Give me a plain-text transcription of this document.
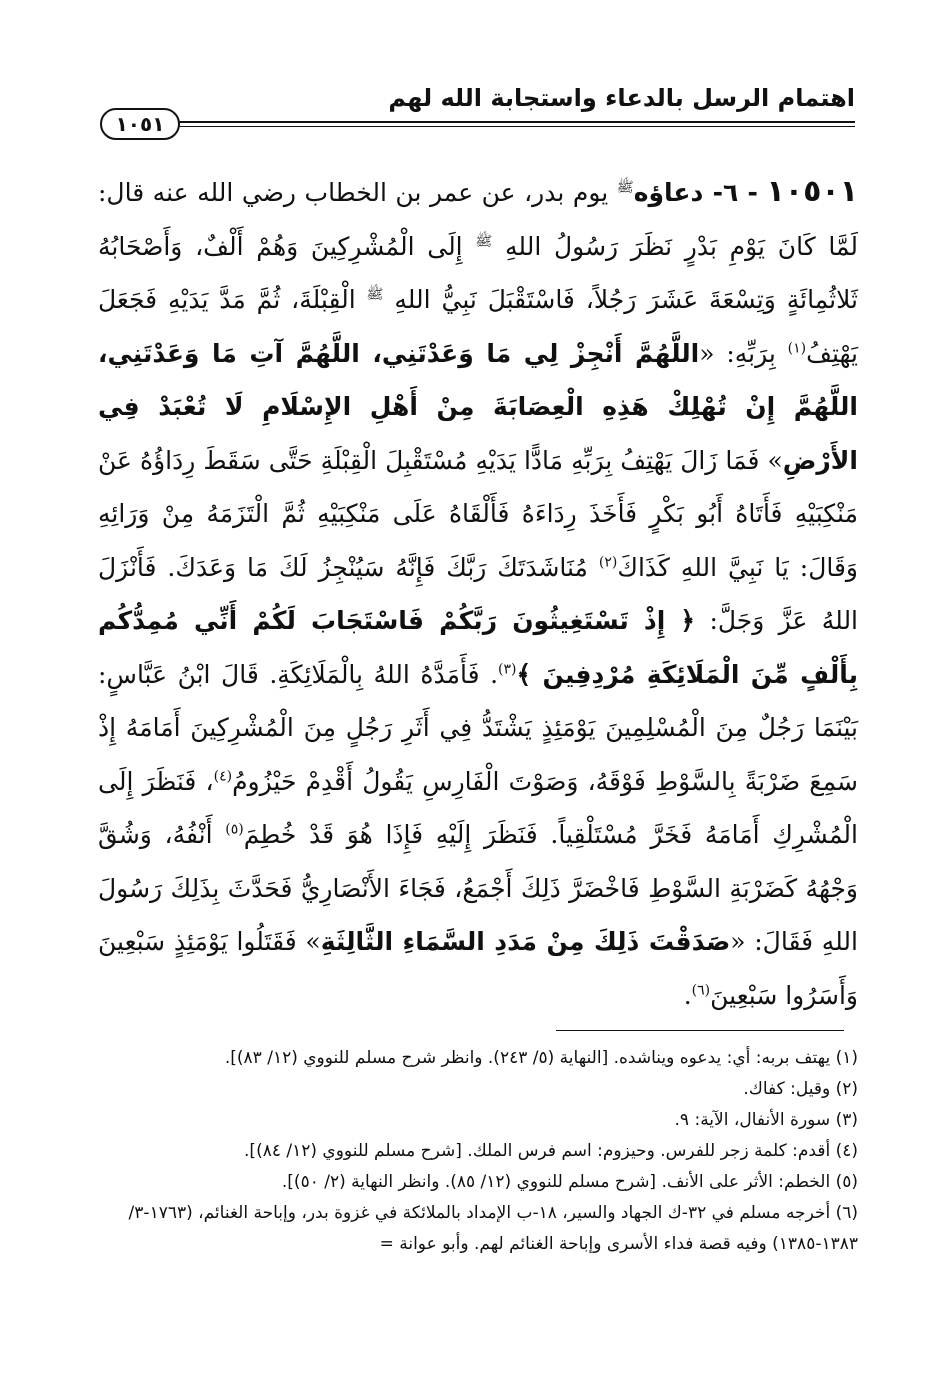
اهتمام الرسل بالدعاء واستجابة الله لهم
١٠٥١
١٠٥٠١ - ٦- دعاؤه$^ﷺ$ يوم بدر، عن عمر بن الخطاب رضي الله عنه قال: لَمَّا كَانَ يَوْمِ بَدْرٍ نَظَرَ رَسُولُ اللهِ $^ﷺ$ إِلَى الْمُشْرِكِينَ وَهُمْ أَلْفٌ، وَأَصْحَابُهُ ثَلاثُمِائَةٍ وَتِسْعَةَ عَشَرَ رَجُلاً، فَاسْتَقْبَلَ نَبِيُّ اللهِ $^ﷺ$ الْقِبْلَةَ، ثُمَّ مَدَّ يَدَيْهِ فَجَعَلَ يَهْتِفُ$^{(١)}$ بِرَبِّهِ: «اللَّهُمَّ أَنْجِزْ لِي مَا وَعَدْتَنِي، اللَّهُمَّ آتِ مَا وَعَدْتَنِي، اللَّهُمَّ إِنْ تُهْلِكْ هَذِهِ الْعِصَابَةَ مِنْ أَهْلِ الإِسْلَامِ لَا تُعْبَدْ فِي الأَرْضِ» فَمَا زَالَ يَهْتِفُ بِرَبِّهِ مَادًّا يَدَيْهِ مُسْتَقْبِلَ الْقِبْلَةِ حَتَّى سَقَطَ رِدَاؤُهُ عَنْ مَنْكِبَيْهِ فَأَتَاهُ أَبُو بَكْرٍ فَأَخَذَ رِدَاءَهُ فَأَلْقَاهُ عَلَى مَنْكِبَيْهِ ثُمَّ الْتَزَمَهُ مِنْ وَرَائِهِ وَقَالَ: يَا نَبِيَّ اللهِ كَذَاكَ$^{(٢)}$ مُنَاشَدَتَكَ رَبَّكَ فَإِنَّهُ سَيُنْجِزُ لَكَ مَا وَعَدَكَ. فَأَنْزَلَ اللهُ عَزَّ وَجَلَّ: ﴿ إِذْ تَسْتَغِيثُونَ رَبَّكُمْ فَاسْتَجَابَ لَكُمْ أَنِّي مُمِدُّكُم بِأَلْفٍ مِّنَ الْمَلَائِكَةِ مُرْدِفِينَ ﴾$^{(٣)}$. فَأَمَدَّهُ اللهُ بِالْمَلَائِكَةِ. قَالَ ابْنُ عَبَّاسٍ: بَيْنَمَا رَجُلٌ مِنَ الْمُسْلِمِينَ يَوْمَئِذٍ يَشْتَدُّ فِي أَثَرِ رَجُلٍ مِنَ الْمُشْرِكِينَ أَمَامَهُ إِذْ سَمِعَ ضَرْبَةً بِالسَّوْطِ فَوْقَهُ، وَصَوْتَ الْفَارِسِ يَقُولُ أَقْدِمْ حَيْزُومُ$^{(٤)}$، فَنَظَرَ إِلَى الْمُشْرِكِ أَمَامَهُ فَخَرَّ مُسْتَلْقِياً. فَنَظَرَ إِلَيْهِ فَإِذَا هُوَ قَدْ خُطِمَ$^{(٥)}$ أَنْفُهُ، وَشُقَّ وَجْهُهُ كَضَرْبَةِ السَّوْطِ فَاخْضَرَّ ذَلِكَ أَجْمَعُ، فَجَاءَ الأَنْصَارِيُّ فَحَدَّثَ بِذَلِكَ رَسُولَ اللهِ فَقَالَ: «صَدَقْتَ ذَلِكَ مِنْ مَدَدِ السَّمَاءِ الثَّالِثَةِ» فَقَتَلُوا يَوْمَئِذٍ سَبْعِينَ وَأَسَرُوا سَبْعِينَ$^{(٦)}$.

(١) يهتف بربه: أي: يدعوه ويناشده. [النهاية (٥/ ٢٤٣). وانظر شرح مسلم للنووي (١٢/ ٨٣)].

(٢) وقيل: كفاك.

(٣) سورة الأنفال، الآية: ٩.

(٤) أقدم: كلمة زجر للفرس. وحيزوم: اسم فرس الملك. [شرح مسلم للنووي (١٢/ ٨٤)].

(٥) الخطم: الأثر على الأنف. [شرح مسلم للنووي (١٢/ ٨٥). وانظر النهاية (٢/ ٥٠)].

(٦) أخرجه مسلم في ٣٢-ك الجهاد والسير، ١٨-ب الإمداد بالملائكة في غزوة بدر، وإباحة الغنائم، (١٧٦٣-٣/ ١٣٨٣-١٣٨٥) وفيه قصة فداء الأسرى وإباحة الغنائم لهم. وأبو عوانة =
